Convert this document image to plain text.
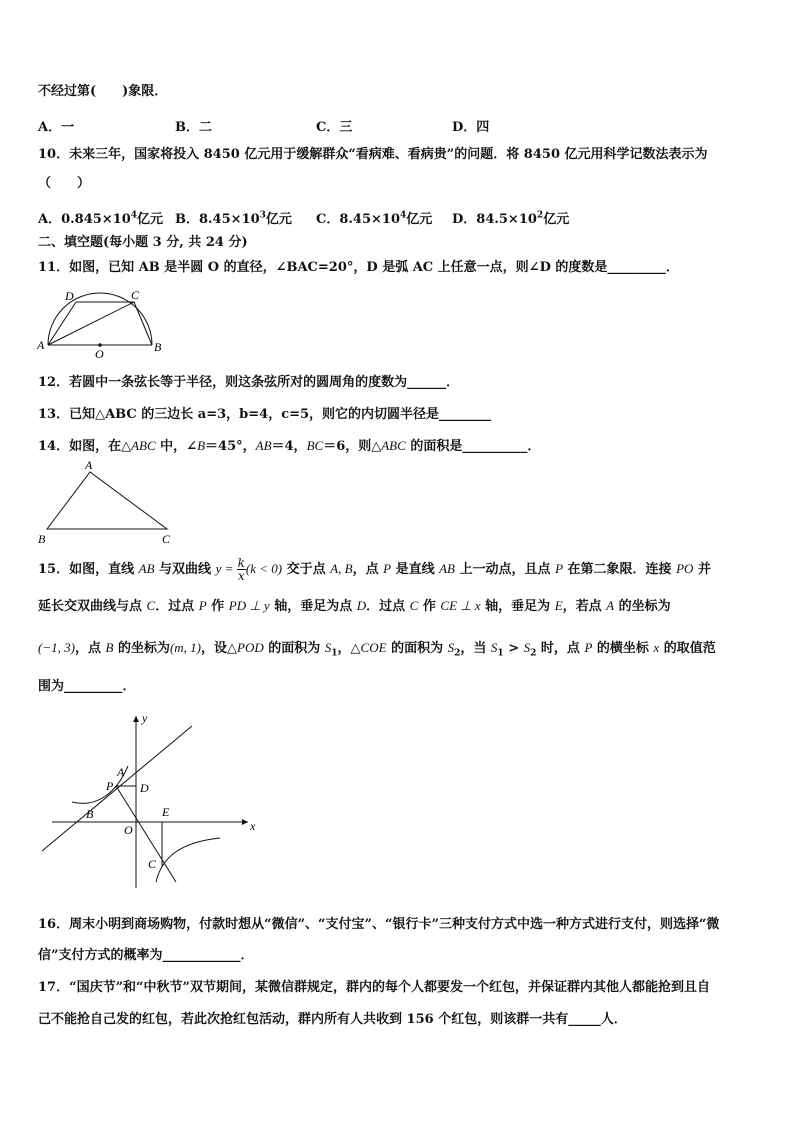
不经过第(　　)象限．
A．一	B．二	C．三	D．四
10．未来三年，国家将投入 8450 亿元用于缓解群众“看病难、看病贵”的问题．将 8450 亿元用科学记数法表示为
（　　）
A．$0.845\times 10^4$亿元 B．$8.45\times 10^3$亿元 C．$8.45\times 10^4$亿元 D．$84.5\times 10^2$亿元
二、填空题(每小题 3 分, 共 24 分)
11．如图，已知 AB 是半圆 O 的直径，∠BAC=20°，D 是弧 AC 上任意一点，则∠D 的度数是_________．
A	B
C
D
O
12．若圆中一条弦长等于半径，则这条弦所对的圆周角的度数为______．
13．已知△ABC 的三边长 a=3，b=4，c=5，则它的内切圆半径是________
14．如图，在△ABC 中，∠B＝45°，AB＝4，BC＝6，则△ABC 的面积是__________．
A
B	C
15．如图，直线 AB 与双曲线 $y = \frac{k}{x} (k < 0)$ 交于点 A, B，点 P 是直线 AB 上一动点，且点 P 在第二象限．连接 PO 并
延长交双曲线与点 C．过点 P 作 PD ⊥ y 轴，垂足为点 D．过点 C 作 CE ⊥ x 轴，垂足为 E，若点 A 的坐标为
(−1, 3)，点 B 的坐标为(m, 1)，设△POD 的面积为 $S_1$，△COE 的面积为 $S_2$，当 $S_1 > S_2$ 时，点 P 的横坐标 x 的取值范
围为_________．
y
x
A
P D
B
O
E
C
16．周末小明到商场购物，付款时想从“微信”、“支付宝”、“银行卡”三种支付方式中选一种方式进行支付，则选择“微
信”支付方式的概率为____________．
17．“国庆节”和“中秋节”双节期间，某微信群规定，群内的每个人都要发一个红包，并保证群内其他人都能抢到且自
己不能抢自己发的红包，若此次抢红包活动，群内所有人共收到 156 个红包，则该群一共有_____人．
